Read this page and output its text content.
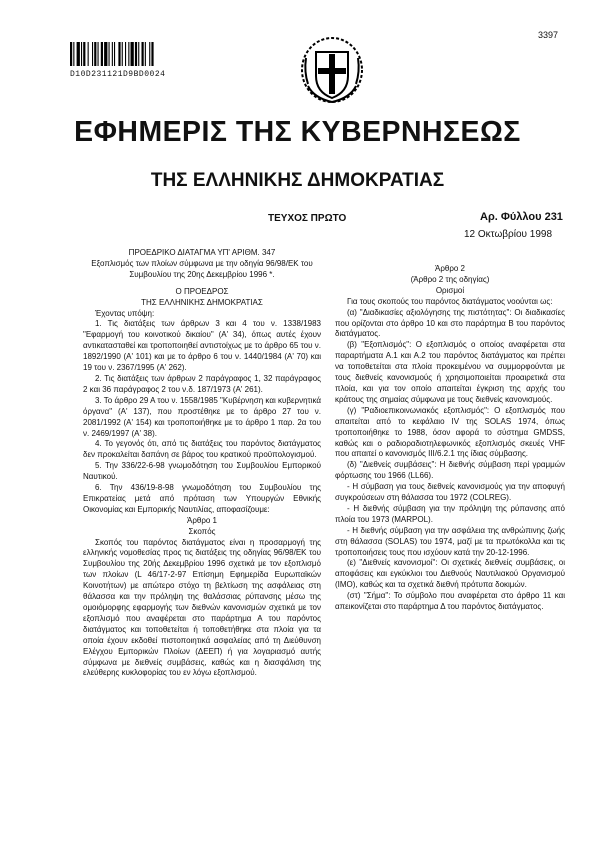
3397
D10D231121D9BD0024
ΕΦΗΜΕΡΙΣ ΤΗΣ ΚΥΒΕΡΝΗΣΕΩΣ
ΤΗΣ ΕΛΛΗΝΙΚΗΣ ΔΗΜΟΚΡΑΤΙΑΣ
ΤΕΥΧΟΣ ΠΡΩΤΟ	Αρ. Φύλλου 231
12 Οκτωβρίου 1998

ΠΡΟΕΔΡΙΚΟ ΔΙΑΤΑΓΜΑ ΥΠ' ΑΡΙΘΜ. 347

Εξοπλισμός των πλοίων σύμφωνα με την οδηγία 96/98/ΕΚ του Συμβουλίου της 20ης Δεκεμβρίου 1996 *.

Ο ΠΡΟΕΔΡΟΣ

ΤΗΣ ΕΛΛΗΝΙΚΗΣ ΔΗΜΟΚΡΑΤΙΑΣ

Έχοντας υπόψη:

1. Τις διατάξεις των άρθρων 3 και 4 του ν. 1338/1983 "Εφαρμογή του κοινοτικού δικαίου" (Α' 34), όπως αυτές έχουν αντικατασταθεί και τροποποιηθεί αντιστοίχως με το άρθρο 65 του ν. 1892/1990 (Α' 101) και με το άρθρο 6 του ν. 1440/1984 (Α' 70) και 19 του ν. 2367/1995 (Α' 262).

2. Τις διατάξεις των άρθρων 2 παράγραφος 1, 32 παράγραφος 2 και 36 παράγραφος 2 του ν.δ. 187/1973 (Α' 261).

3. Το άρθρο 29 Α του ν. 1558/1985 "Κυβέρνηση και κυβερνητικά όργανα" (Α' 137), που προστέθηκε με το άρθρο 27 του ν. 2081/1992 (Α' 154) και τροποποιήθηκε με το άρθρο 1 παρ. 2α του ν. 2469/1997 (Α' 38).

4. Το γεγονός ότι, από τις διατάξεις του παρόντος διατάγματος δεν προκαλείται δαπάνη σε βάρος του κρατικού προϋπολογισμού.

5. Την 336/22-6-98 γνωμοδότηση του Συμβουλίου Εμπορικού Ναυτικού.

6. Την 436/19-8-98 γνωμοδότηση του Συμβουλίου της Επικρατείας μετά από πρόταση των Υπουργών Εθνικής Οικονομίας και Εμπορικής Ναυτιλίας, αποφασίζουμε:

Άρθρο 1

Σκοπός

Σκοπός του παρόντος διατάγματος είναι η προσαρμογή της ελληνικής νομοθεσίας προς τις διατάξεις της οδηγίας 96/98/ΕΚ του Συμβουλίου της 20ής Δεκεμβρίου 1996 σχετικά με τον εξοπλισμό των πλοίων (L 46/17-2-97 Επίσημη Εφημερίδα Ευρωπαϊκών Κοινοτήτων) με απώτερο στόχο τη βελτίωση της ασφάλειας στη θάλασσα και την πρόληψη της θαλάσσιας ρύπανσης μέσω της ομοιόμορφης εφαρμογής των διεθνών κανονισμών σχετικά με τον εξοπλισμό που αναφέρεται στο παράρτημα Α του παρόντος διατάγματος και τοποθετείται ή τοποθετήθηκε στα πλοία για τα οποία έχουν εκδοθεί πιστοποιητικά ασφαλείας από τη Διεύθυνση Ελέγχου Εμπορικών Πλοίων (ΔΕΕΠ) ή για λογαριασμό αυτής σύμφωνα με διεθνείς συμβάσεις, καθώς και η διασφάλιση της ελεύθερης κυκλοφορίας του εν λόγω εξοπλισμού.

Άρθρο 2

(Άρθρο 2 της οδηγίας)

Ορισμοί

Για τους σκοπούς του παρόντος διατάγματος νοούνται ως:

(α) "Διαδικασίες αξιολόγησης της πιστότητας": Οι διαδικασίες που ορίζονται στο άρθρο 10 και στο παράρτημα Β του παρόντος διατάγματος.

(β) "Εξοπλισμός": Ο εξοπλισμός ο οποίος αναφέρεται στα παραρτήματα Α.1 και Α.2 του παρόντος διατάγματος και πρέπει να τοποθετείται στα πλοία προκειμένου να συμμορφούνται με τους διεθνείς κανονισμούς ή χρησιμοποιείται προαιρετικά στα πλοία, και για τον οποίο απαιτείται έγκριση της αρχής του κράτους της σημαίας σύμφωνα με τους διεθνείς κανονισμούς.

(γ) "Ραδιοεπικοινωνιακός εξοπλισμός": Ο εξοπλισμός που απαιτείται από το κεφάλαιο IV της SOLAS 1974, όπως τροποποιήθηκε το 1988, όσον αφορά το σύστημα GMDSS, καθώς και ο ραδιοραδιοτηλεφωνικός εξοπλισμός σκευές VHF που απαιτεί ο κανονισμός III/6.2.1 της ίδιας σύμβασης.

(δ) "Διεθνείς συμβάσεις": Η διεθνής σύμβαση περί γραμμών φόρτωσης του 1966 (LL66).

- Η σύμβαση για τους διεθνείς κανονισμούς για την αποφυγή συγκρούσεων στη θάλασσα του 1972 (COLREG).

- Η διεθνής σύμβαση για την πρόληψη της ρύπανσης από πλοία του 1973 (MARPOL).

- Η διεθνής σύμβαση για την ασφάλεια της ανθρώπινης ζωής στη θάλασσα (SOLAS) του 1974, μαζί με τα πρωτόκολλα και τις τροποποιήσεις τους που ισχύουν κατά την 20-12-1996.

(ε) "Διεθνείς κανονισμοί": Οι σχετικές διεθνείς συμβάσεις, οι αποφάσεις και εγκύκλιοι του Διεθνούς Ναυτιλιακού Οργανισμού (IMO), καθώς και τα σχετικά διεθνή πρότυπα δοκιμών.

(στ) "Σήμα": Το σύμβολο που αναφέρεται στο άρθρο 11 και απεικονίζεται στο παράρτημα Δ του παρόντος διατάγματος.
